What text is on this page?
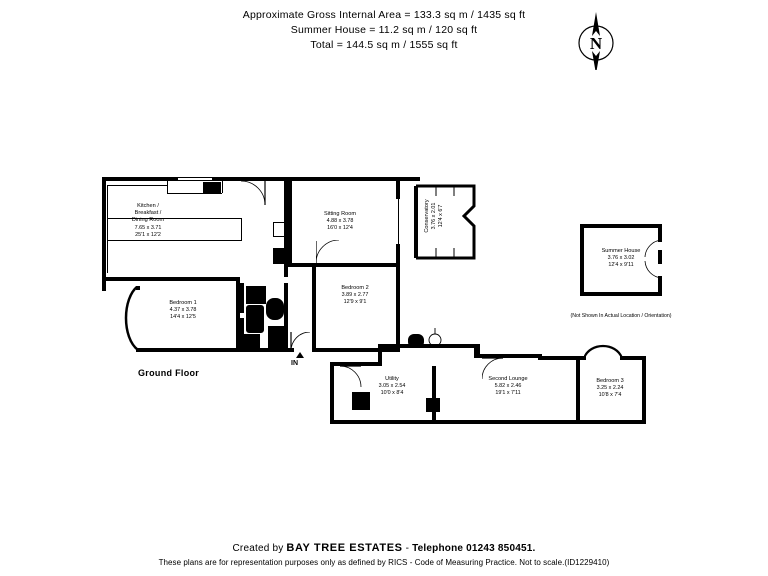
Approximate Gross Internal Area = 133.3 sq m / 1435 sq ft
Summer House = 11.2 sq m / 120 sq ft
Total = 144.5 sq m / 1555 sq ft	N
Kitchen /
Breakfast /
Dining Room
7.65 x 3.71
25'1 x 12'2
Bedroom 1
4.37 x 3.78
14'4 x 12'5
Sitting Room
4.88 x 3.78
16'0 x 12'4
Bedroom 2
3.89 x 2.77
12'9 x 9'1
Utility
3.05 x 2.54
10'0 x 8'4
Second Lounge
5.82 x 2.46
19'1 x 7'11
Bedroom 3
3.25 x 2.24
10'8 x 7'4
Summer House
3.76 x 3.02
12'4 x 9'11
(Not Shown In Actual Location / Orientation)
Conservatory 3.76 x 2.01 12'4 x 6'7
Ground Floor
IN
Created by BAY TREE ESTATES - Telephone 01243 850451.
These plans are for representation purposes only as defined by RICS - Code of Measuring Practice. Not to scale.(ID1229410)
